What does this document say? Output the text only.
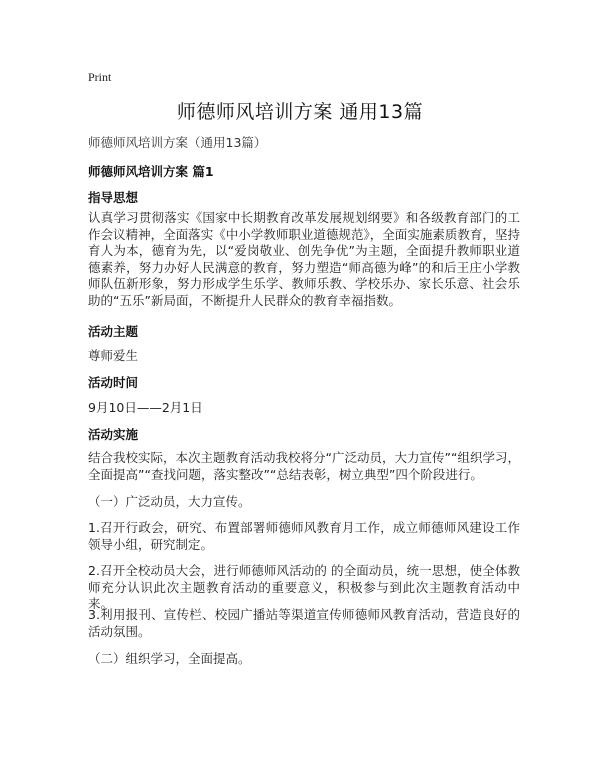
Print
师德师风培训方案 通用13篇
师德师风培训方案（通用13篇）
师德师风培训方案 篇1
指导思想

认真学习贯彻落实《国家中长期教育改革发展规划纲要》和各级教育部门的工作会议精神，全面落实《中小学教师职业道德规范》，全面实施素质教育，坚持育人为本，德育为先，以“爱岗敬业、创先争优”为主题，全面提升教师职业道德素养，努力办好人民满意的教育，努力塑造“师高德为峰”的和后王庄小学教师队伍新形象，努力形成学生乐学、教师乐教、学校乐办、家长乐意、社会乐助的“五乐”新局面，不断提升人民群众的教育幸福指数。

活动主题

尊师爱生

活动时间

9月10日——2月1日

活动实施

结合我校实际，本次主题教育活动我校将分“广泛动员，大力宣传”“组织学习，全面提高”“查找问题，落实整改”“总结表彰，树立典型”四个阶段进行。

（一）广泛动员，大力宣传。

1.召开行政会，研究、布置部署师德师风教育月工作，成立师德师风建设工作领导小组，研究制定。

2.召开全校动员大会，进行师德师风活动的 的全面动员，统一思想，使全体教师充分认识此次主题教育活动的重要意义，积极参与到此次主题教育活动中来。

3.利用报刊、宣传栏、校园广播站等渠道宣传师德师风教育活动，营造良好的活动氛围。

（二）组织学习，全面提高。
